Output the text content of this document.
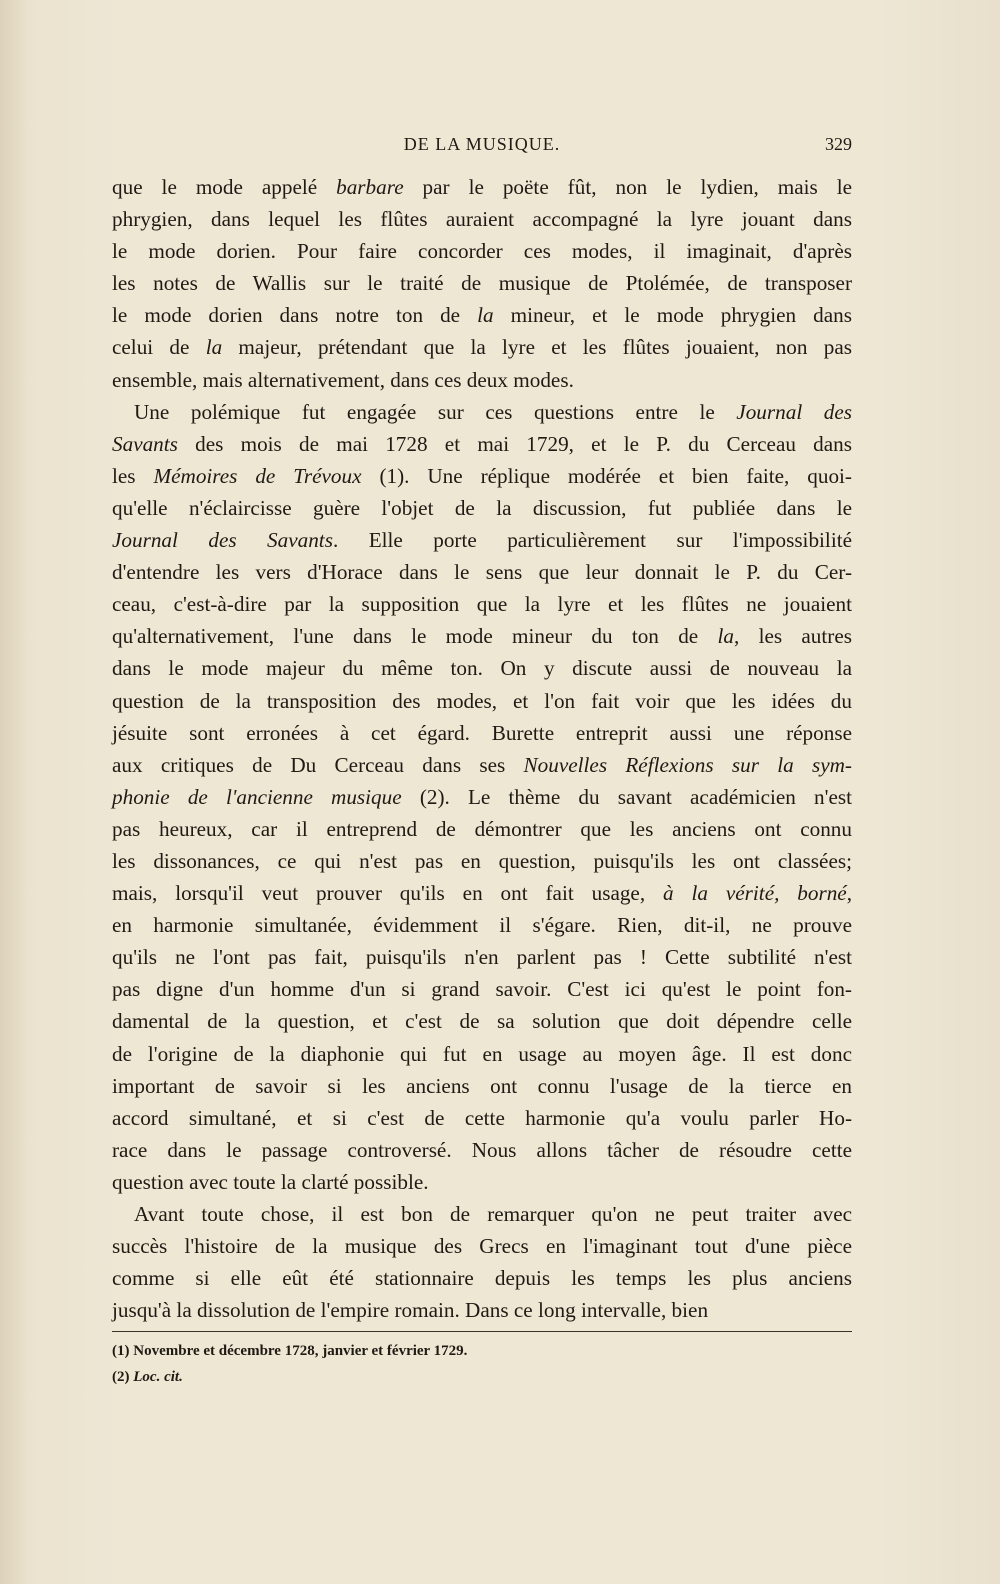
DE LA MUSIQUE.	329
que le mode appelé barbare par le poëte fût, non le lydien, mais le
phrygien, dans lequel les flûtes auraient accompagné la lyre jouant dans
le mode dorien. Pour faire concorder ces modes, il imaginait, d'après
les notes de Wallis sur le traité de musique de Ptolémée, de transposer
le mode dorien dans notre ton de la mineur, et le mode phrygien dans
celui de la majeur, prétendant que la lyre et les flûtes jouaient, non pas
ensemble, mais alternativement, dans ces deux modes.
Une polémique fut engagée sur ces questions entre le Journal des
Savants des mois de mai 1728 et mai 1729, et le P. du Cerceau dans
les Mémoires de Trévoux (1). Une réplique modérée et bien faite, quoi-
qu'elle n'éclaircisse guère l'objet de la discussion, fut publiée dans le
Journal des Savants. Elle porte particulièrement sur l'impossibilité
d'entendre les vers d'Horace dans le sens que leur donnait le P. du Cer-
ceau, c'est-à-dire par la supposition que la lyre et les flûtes ne jouaient
qu'alternativement, l'une dans le mode mineur du ton de la, les autres
dans le mode majeur du même ton. On y discute aussi de nouveau la
question de la transposition des modes, et l'on fait voir que les idées du
jésuite sont erronées à cet égard. Burette entreprit aussi une réponse
aux critiques de Du Cerceau dans ses Nouvelles Réflexions sur la sym-
phonie de l'ancienne musique (2). Le thème du savant académicien n'est
pas heureux, car il entreprend de démontrer que les anciens ont connu
les dissonances, ce qui n'est pas en question, puisqu'ils les ont classées;
mais, lorsqu'il veut prouver qu'ils en ont fait usage, à la vérité, borné,
en harmonie simultanée, évidemment il s'égare. Rien, dit-il, ne prouve
qu'ils ne l'ont pas fait, puisqu'ils n'en parlent pas ! Cette subtilité n'est
pas digne d'un homme d'un si grand savoir. C'est ici qu'est le point fon-
damental de la question, et c'est de sa solution que doit dépendre celle
de l'origine de la diaphonie qui fut en usage au moyen âge. Il est donc
important de savoir si les anciens ont connu l'usage de la tierce en
accord simultané, et si c'est de cette harmonie qu'a voulu parler Ho-
race dans le passage controversé. Nous allons tâcher de résoudre cette
question avec toute la clarté possible.
Avant toute chose, il est bon de remarquer qu'on ne peut traiter avec
succès l'histoire de la musique des Grecs en l'imaginant tout d'une pièce
comme si elle eût été stationnaire depuis les temps les plus anciens
jusqu'à la dissolution de l'empire romain. Dans ce long intervalle, bien
(1) Novembre et décembre 1728, janvier et février 1729.
(2) Loc. cit.
